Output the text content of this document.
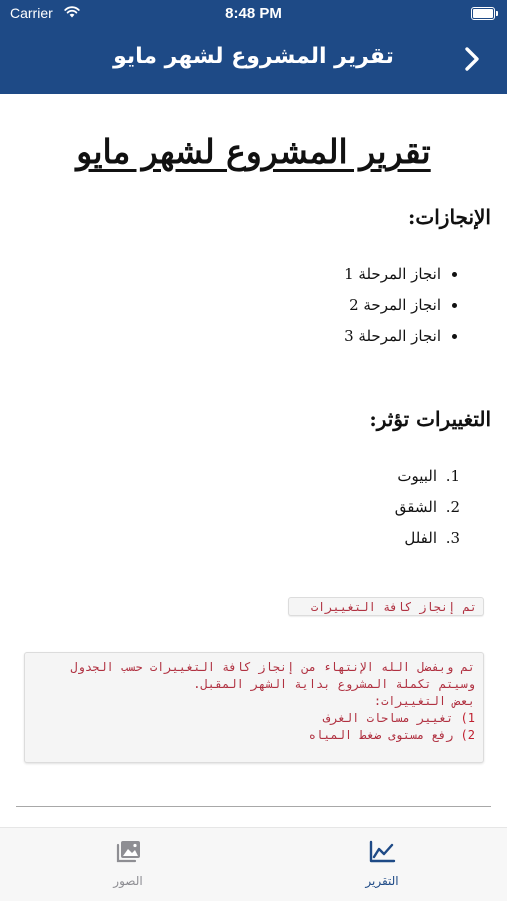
Carrier	8:48 PM
تقرير المشروع لشهر مايو
تقرير المشروع لشهر مايو
الإنجازات:
• انجاز المرحلة 1
• انجاز المرحة 2
• انجاز المرحلة 3
التغييرات تؤثر:
1. البيوت
2. الشقق
3. الفلل
تم إنجاز كافة التغييرات
تم وبفضل الله الإنتهاء من إنجاز كافة التغييرات حسب الجدول
وسيتم تكملة المشروع بداية الشهر المقبل.
بعض التغييرات:
1) تغيير مساحات الغرف
2) رفع مستوى ضغط المياه
التقرير
الصور
